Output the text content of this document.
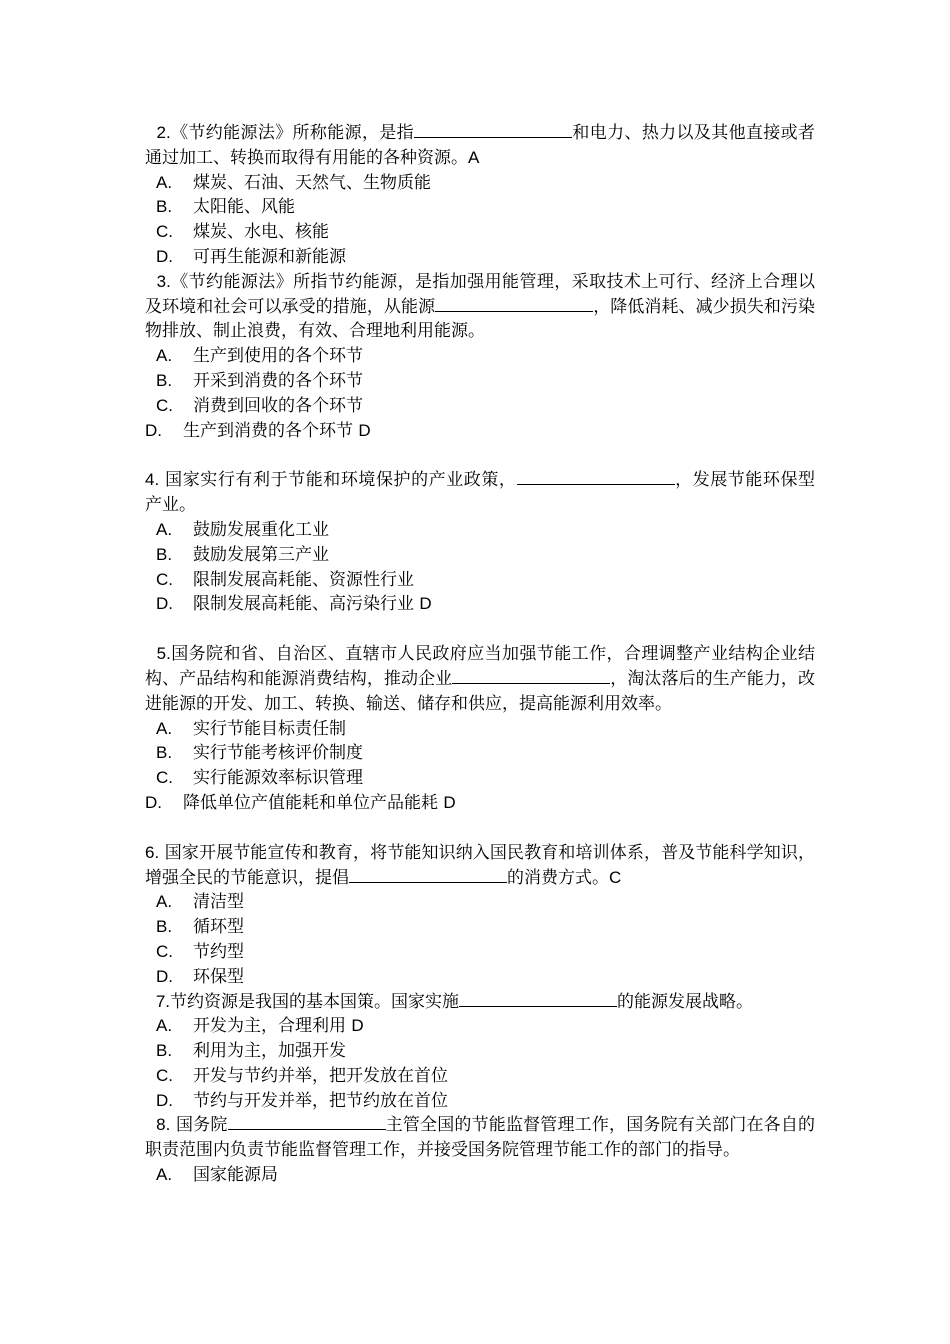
2.《节约能源法》所称能源，是指	和电力、热力以及其他直接或者通过加工、转换而取得有用能的各种资源。A
A.	煤炭、石油、天然气、生物质能
B.	太阳能、风能
C.	煤炭、水电、核能
D.	可再生能源和新能源
3.《节约能源法》所指节约能源，是指加强用能管理，采取技术上可行、经济上合理以及环境和社会可以承受的措施，从能源	，降低消耗、减少损失和污染物排放、制止浪费，有效、合理地利用能源。
A.	生产到使用的各个环节
B.	开采到消费的各个环节
C.	消费到回收的各个环节
D.	生产到消费的各个环节
D
4. 国家实行有利于节能和环境保护的产业政策，	，发展节能环保型产业。
A.	鼓励发展重化工业
B.	鼓励发展第三产业
C.	限制发展高耗能、资源性行业
D.	限制发展高耗能、高污染行业
D
5.国务院和省、自治区、直辖市人民政府应当加强节能工作，合理调整产业结构企业结构、产品结构和能源消费结构，推动企业	，淘汰落后的生产能力，改进能源的开发、加工、转换、输送、储存和供应，提高能源利用效率。
A.	实行节能目标责任制
B.	实行节能考核评价制度
C.	实行能源效率标识管理
D.	降低单位产值能耗和单位产品能耗
D
6. 国家开展节能宣传和教育，将节能知识纳入国民教育和培训体系，普及节能科学知识，增强全民的节能意识，提倡	的消费方式。C
A.	清洁型
B.	循环型
C.	节约型
D.	环保型
7.节约资源是我国的基本国策。国家实施	的能源发展战略。
A.	开发为主，合理利用
D
B.	利用为主，加强开发
C.	开发与节约并举，把开发放在首位
D.	节约与开发并举，把节约放在首位
8. 国务院	主管全国的节能监督管理工作，国务院有关部门在各自的职责范围内负责节能监督管理工作，并接受国务院管理节能工作的部门的指导。
A.	国家能源局
